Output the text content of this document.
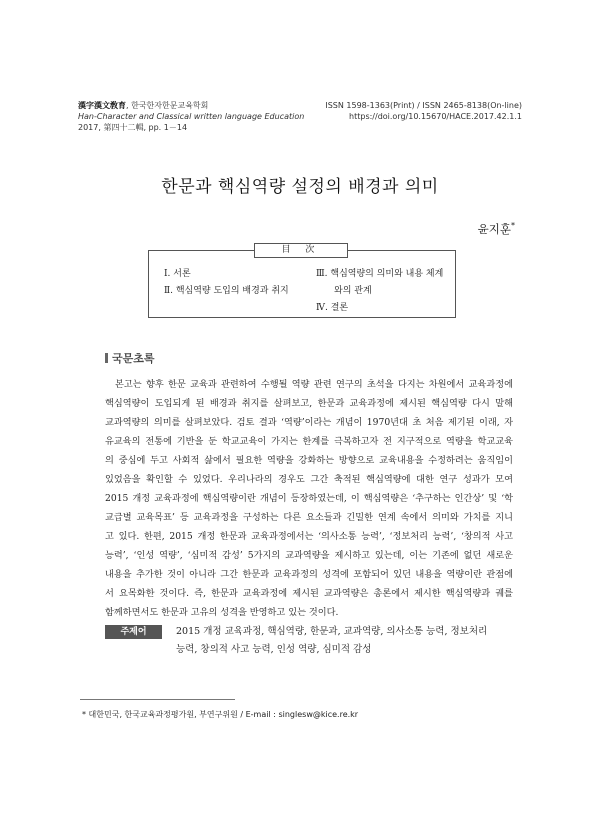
漢字漢文敎育, 한국한자한문교육학회
Han-Character and Classical written language Education
2017, 第四十二輯, pp. 1－14
ISSN 1598-1363(Print) / ISSN 2465-8138(On-line)
https://doi.org/10.15670/HACE.2017.42.1.1
한문과 핵심역량 설정의 배경과 의미
윤지훈*
目 次
Ⅰ. 서론
Ⅱ. 핵심역량 도입의 배경과 취지
Ⅲ. 핵심역량의 의미와 내용 체계
와의 관계
Ⅳ. 결론
국문초록
본고는 향후 한문 교육과 관련하여 수행될 역량 관련 연구의 초석을 다지는 차원에서 교육과정에
핵심역량이 도입되게 된 배경과 취지를 살펴보고, 한문과 교육과정에 제시된 핵심역량 다시 말해
교과역량의 의미를 살펴보았다. 검토 결과 ‘역량’이라는 개념이 1970년대 초 처음 제기된 이래, 자
유교육의 전통에 기반을 둔 학교교육이 가지는 한계를 극복하고자 전 지구적으로 역량을 학교교육
의 중심에 두고 사회적 삶에서 필요한 역량을 강화하는 방향으로 교육내용을 수정하려는 움직임이
있었음을 확인할 수 있었다. 우리나라의 경우도 그간 축적된 핵심역량에 대한 연구 성과가 모여
2015 개정 교육과정에 핵심역량이란 개념이 등장하였는데, 이 핵심역량은 ‘추구하는 인간상’ 및 ‘학
교급별 교육목표’ 등 교육과정을 구성하는 다른 요소들과 긴밀한 연계 속에서 의미와 가치를 지니
고 있다. 한편, 2015 개정 한문과 교육과정에서는 ‘의사소통 능력’, ‘정보처리 능력’, ‘창의적 사고
능력’, ‘인성 역량’, ‘심미적 감성’ 5가지의 교과역량을 제시하고 있는데, 이는 기존에 없던 새로운
내용을 추가한 것이 아니라 그간 한문과 교육과정의 성격에 포함되어 있던 내용을 역량이란 관점에
서 요목화한 것이다. 즉, 한문과 교육과정에 제시된 교과역량은 총론에서 제시한 핵심역량과 궤를
함께하면서도 한문과 고유의 성격을 반영하고 있는 것이다.
주제어	2015 개정 교육과정, 핵심역량, 한문과, 교과역량, 의사소통 능력, 정보처리
능력, 창의적 사고 능력, 인성 역량, 심미적 감성
* 대한민국, 한국교육과정평가원, 부연구위원 / E-mail : singlesw@kice.re.kr
